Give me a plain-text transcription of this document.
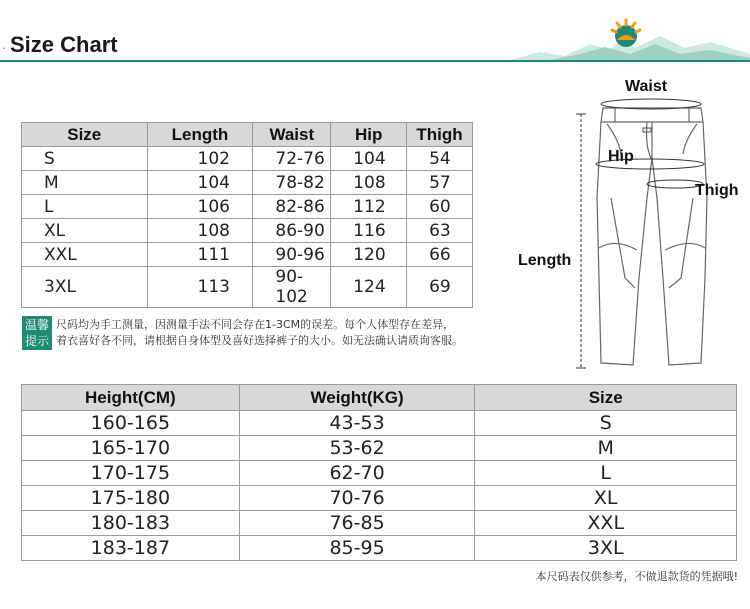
· Size Chart
Size	Length	Waist	Hip	Thigh
S	102	72-76	104	54
M	104	78-82	108	57
L	106	82-86	112	60
XL	108	86-90	116	63
XXL	111	90-96	120	66
3XL	113	90-102	124	69
温馨
提示
尺码均为手工测量，因测量手法不同会存在1-3CM的误差。每个人体型存在差异，
着衣喜好各不同，请根据自身体型及喜好选择裤子的大小。如无法确认请质询客服。
Waist
Hip
Thigh
Length
Height(CM)	Weight(KG)	Size
160-165	43-53	S
165-170	53-62	M
170-175	62-70	L
175-180	70-76	XL
180-183	76-85	XXL
183-187	85-95	3XL
本尺码表仅供参考，不做退款货的凭据哦!
